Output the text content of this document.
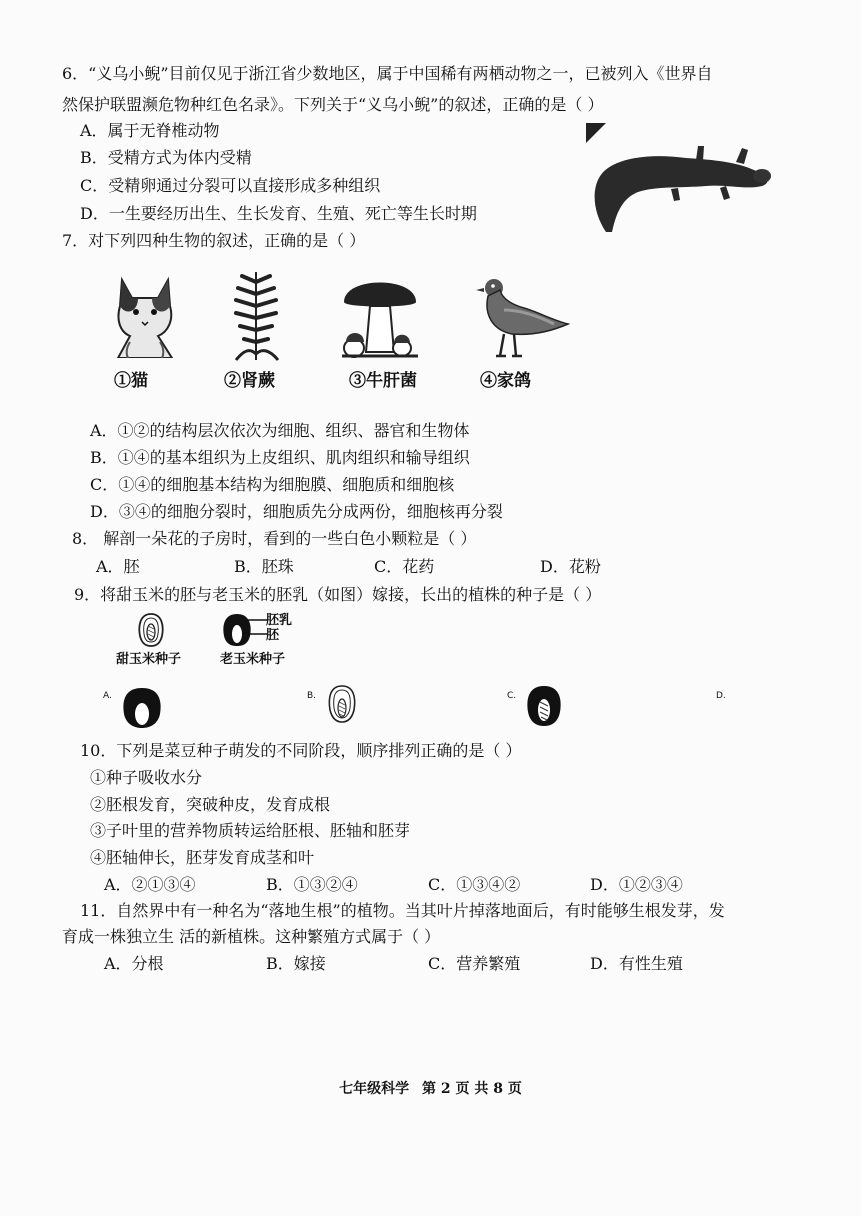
6．“义乌小鲵”目前仅见于浙江省少数地区，属于中国稀有两栖动物之一，已被列入《世界自
然保护联盟濒危物种红色名录》。下列关于“义乌小鲵”的叙述，正确的是（ ）
A．属于无脊椎动物
B．受精方式为体内受精
C．受精卵通过分裂可以直接形成多种组织
D．一生要经历出生、生长发育、生殖、死亡等生长时期
7．对下列四种生物的叙述，正确的是（ ）
①猫	②肾蕨	③牛肝菌	④家鸽
A．①②的结构层次依次为细胞、组织、器官和生物体
B．①④的基本组织为上皮组织、肌肉组织和输导组织
C．①④的细胞基本结构为细胞膜、细胞质和细胞核
D．③④的细胞分裂时，细胞质先分成两份，细胞核再分裂
8． 解剖一朵花的子房时，看到的一些白色小颗粒是（ ）
A．胚	B．胚珠	C．花药	D．花粉
9．将甜玉米的胚与老玉米的胚乳（如图）嫁接，长出的植株的种子是（ ）
胚乳
胚
甜玉米种子	老玉米种子
A.	B.	C.	D.
10．下列是菜豆种子萌发的不同阶段，顺序排列正确的是（ ）
①种子吸收水分
②胚根发育，突破种皮，发育成根
③子叶里的营养物质转运给胚根、胚轴和胚芽
④胚轴伸长，胚芽发育成茎和叶
A．②①③④	B．①③②④	C．①③④②	D．①②③④
11．自然界中有一种名为“落地生根”的植物。当其叶片掉落地面后，有时能够生根发芽，发
育成一株独立生 活的新植株。这种繁殖方式属于（ ）
A．分根	B．嫁接	C．营养繁殖	D．有性生殖
七年级科学 第 2 页 共 8 页
